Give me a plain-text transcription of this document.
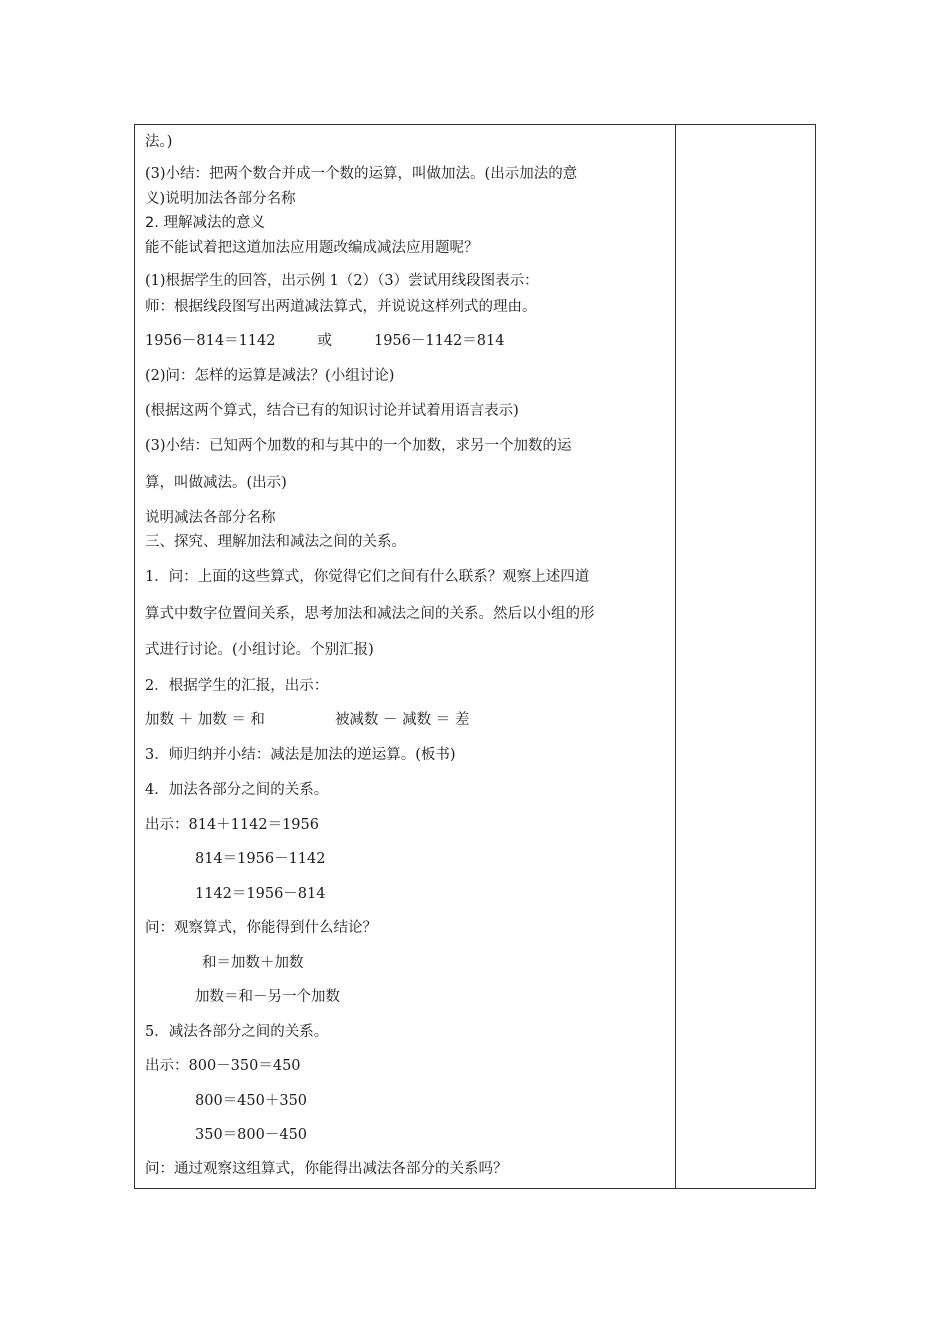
法。)
(3)小结：把两个数合并成一个数的运算，叫做加法。(出示加法的意
义)说明加法各部分名称
2. 理解减法的意义
能不能试着把这道加法应用题改编成减法应用题呢？
(1)根据学生的回答，出示例 1（2）（3）尝试用线段图表示：
师：根据线段图写出两道减法算式，并说说这样列式的理由。
1956－814＝1142	或	1956－1142＝814
(2)问：怎样的运算是减法？(小组讨论)
(根据这两个算式，结合已有的知识讨论并试着用语言表示)
(3)小结：已知两个加数的和与其中的一个加数，求另一个加数的运
算，叫做减法。(出示)
说明减法各部分名称
三、探究、理解加法和减法之间的关系。
1．问：上面的这些算式，你觉得它们之间有什么联系？观察上述四道
算式中数字位置间关系，思考加法和减法之间的关系。然后以小组的形
式进行讨论。(小组讨论。个别汇报)
2．根据学生的汇报，出示：
加数 ＋ 加数 ＝ 和	被减数 － 减数 ＝ 差
3．师归纳并小结：减法是加法的逆运算。(板书)
4．加法各部分之间的关系。
出示：814＋1142＝1956
814＝1956－1142
1142＝1956－814
问：观察算式，你能得到什么结论？
和＝加数＋加数
加数＝和－另一个加数
5．减法各部分之间的关系。
出示：800－350＝450
800＝450＋350
350＝800－450
问：通过观察这组算式，你能得出减法各部分的关系吗？
